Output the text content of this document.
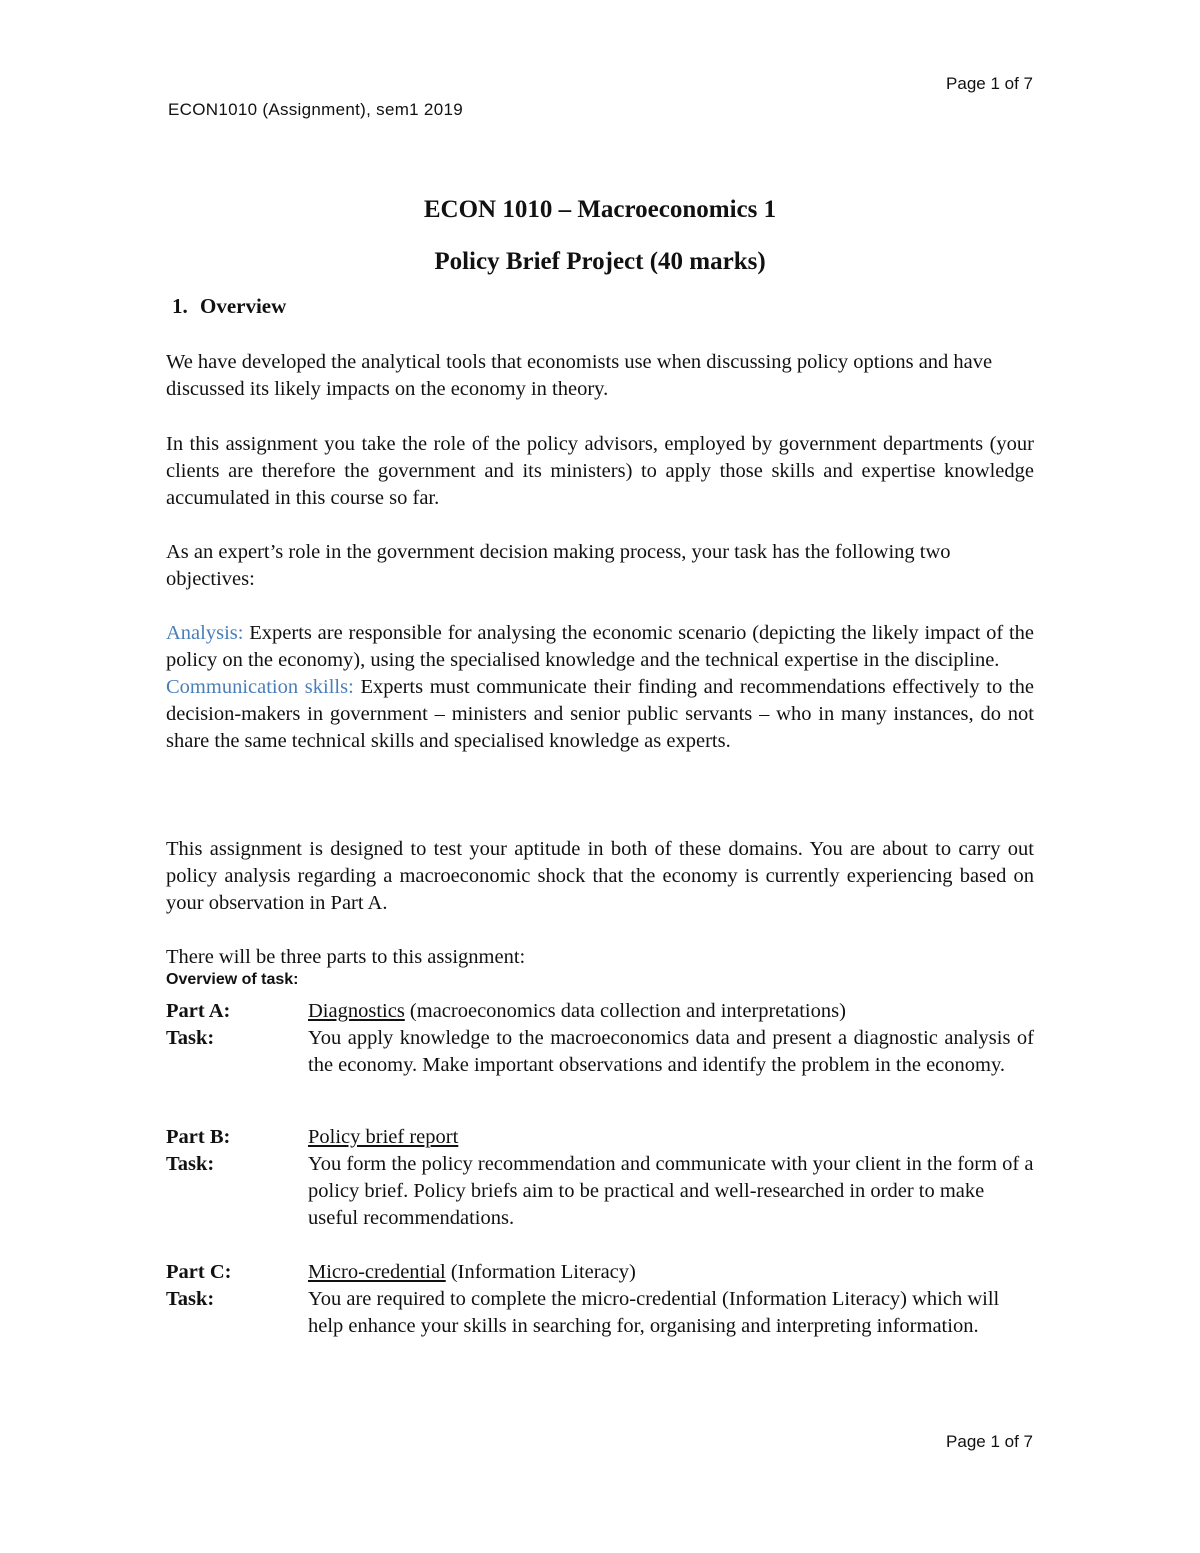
Page 1 of 7
ECON1010 (Assignment), sem1 2019
ECON 1010 – Macroeconomics 1
Policy Brief Project (40 marks)
1. Overview
We have developed the analytical tools that economists use when discussing policy options and have discussed its likely impacts on the economy in theory.
In this assignment you take the role of the policy advisors, employed by government departments (your clients are therefore the government and its ministers) to apply those skills and expertise knowledge accumulated in this course so far.
As an expert’s role in the government decision making process, your task has the following two objectives:
Analysis: Experts are responsible for analysing the economic scenario (depicting the likely impact of the policy on the economy), using the specialised knowledge and the technical expertise in the discipline.
Communication skills: Experts must communicate their finding and recommendations effectively to the decision-makers in government – ministers and senior public servants – who in many instances, do not share the same technical skills and specialised knowledge as experts.
This assignment is designed to test your aptitude in both of these domains. You are about to carry out policy analysis regarding a macroeconomic shock that the economy is currently experiencing based on your observation in Part A.
There will be three parts to this assignment:
Overview of task:
Part A:	Diagnostics (macroeconomics data collection and interpretations)
Task:	You apply knowledge to the macroeconomics data and present a diagnostic analysis of the economy. Make important observations and identify the problem in the economy.
Part B:	Policy brief report
Task:	You form the policy recommendation and communicate with your client in the form of a policy brief. Policy briefs aim to be practical and well-researched in order to make useful recommendations.
Part C:	Micro-credential (Information Literacy)
Task:	You are required to complete the micro-credential (Information Literacy) which will help enhance your skills in searching for, organising and interpreting information.
Page 1 of 7
